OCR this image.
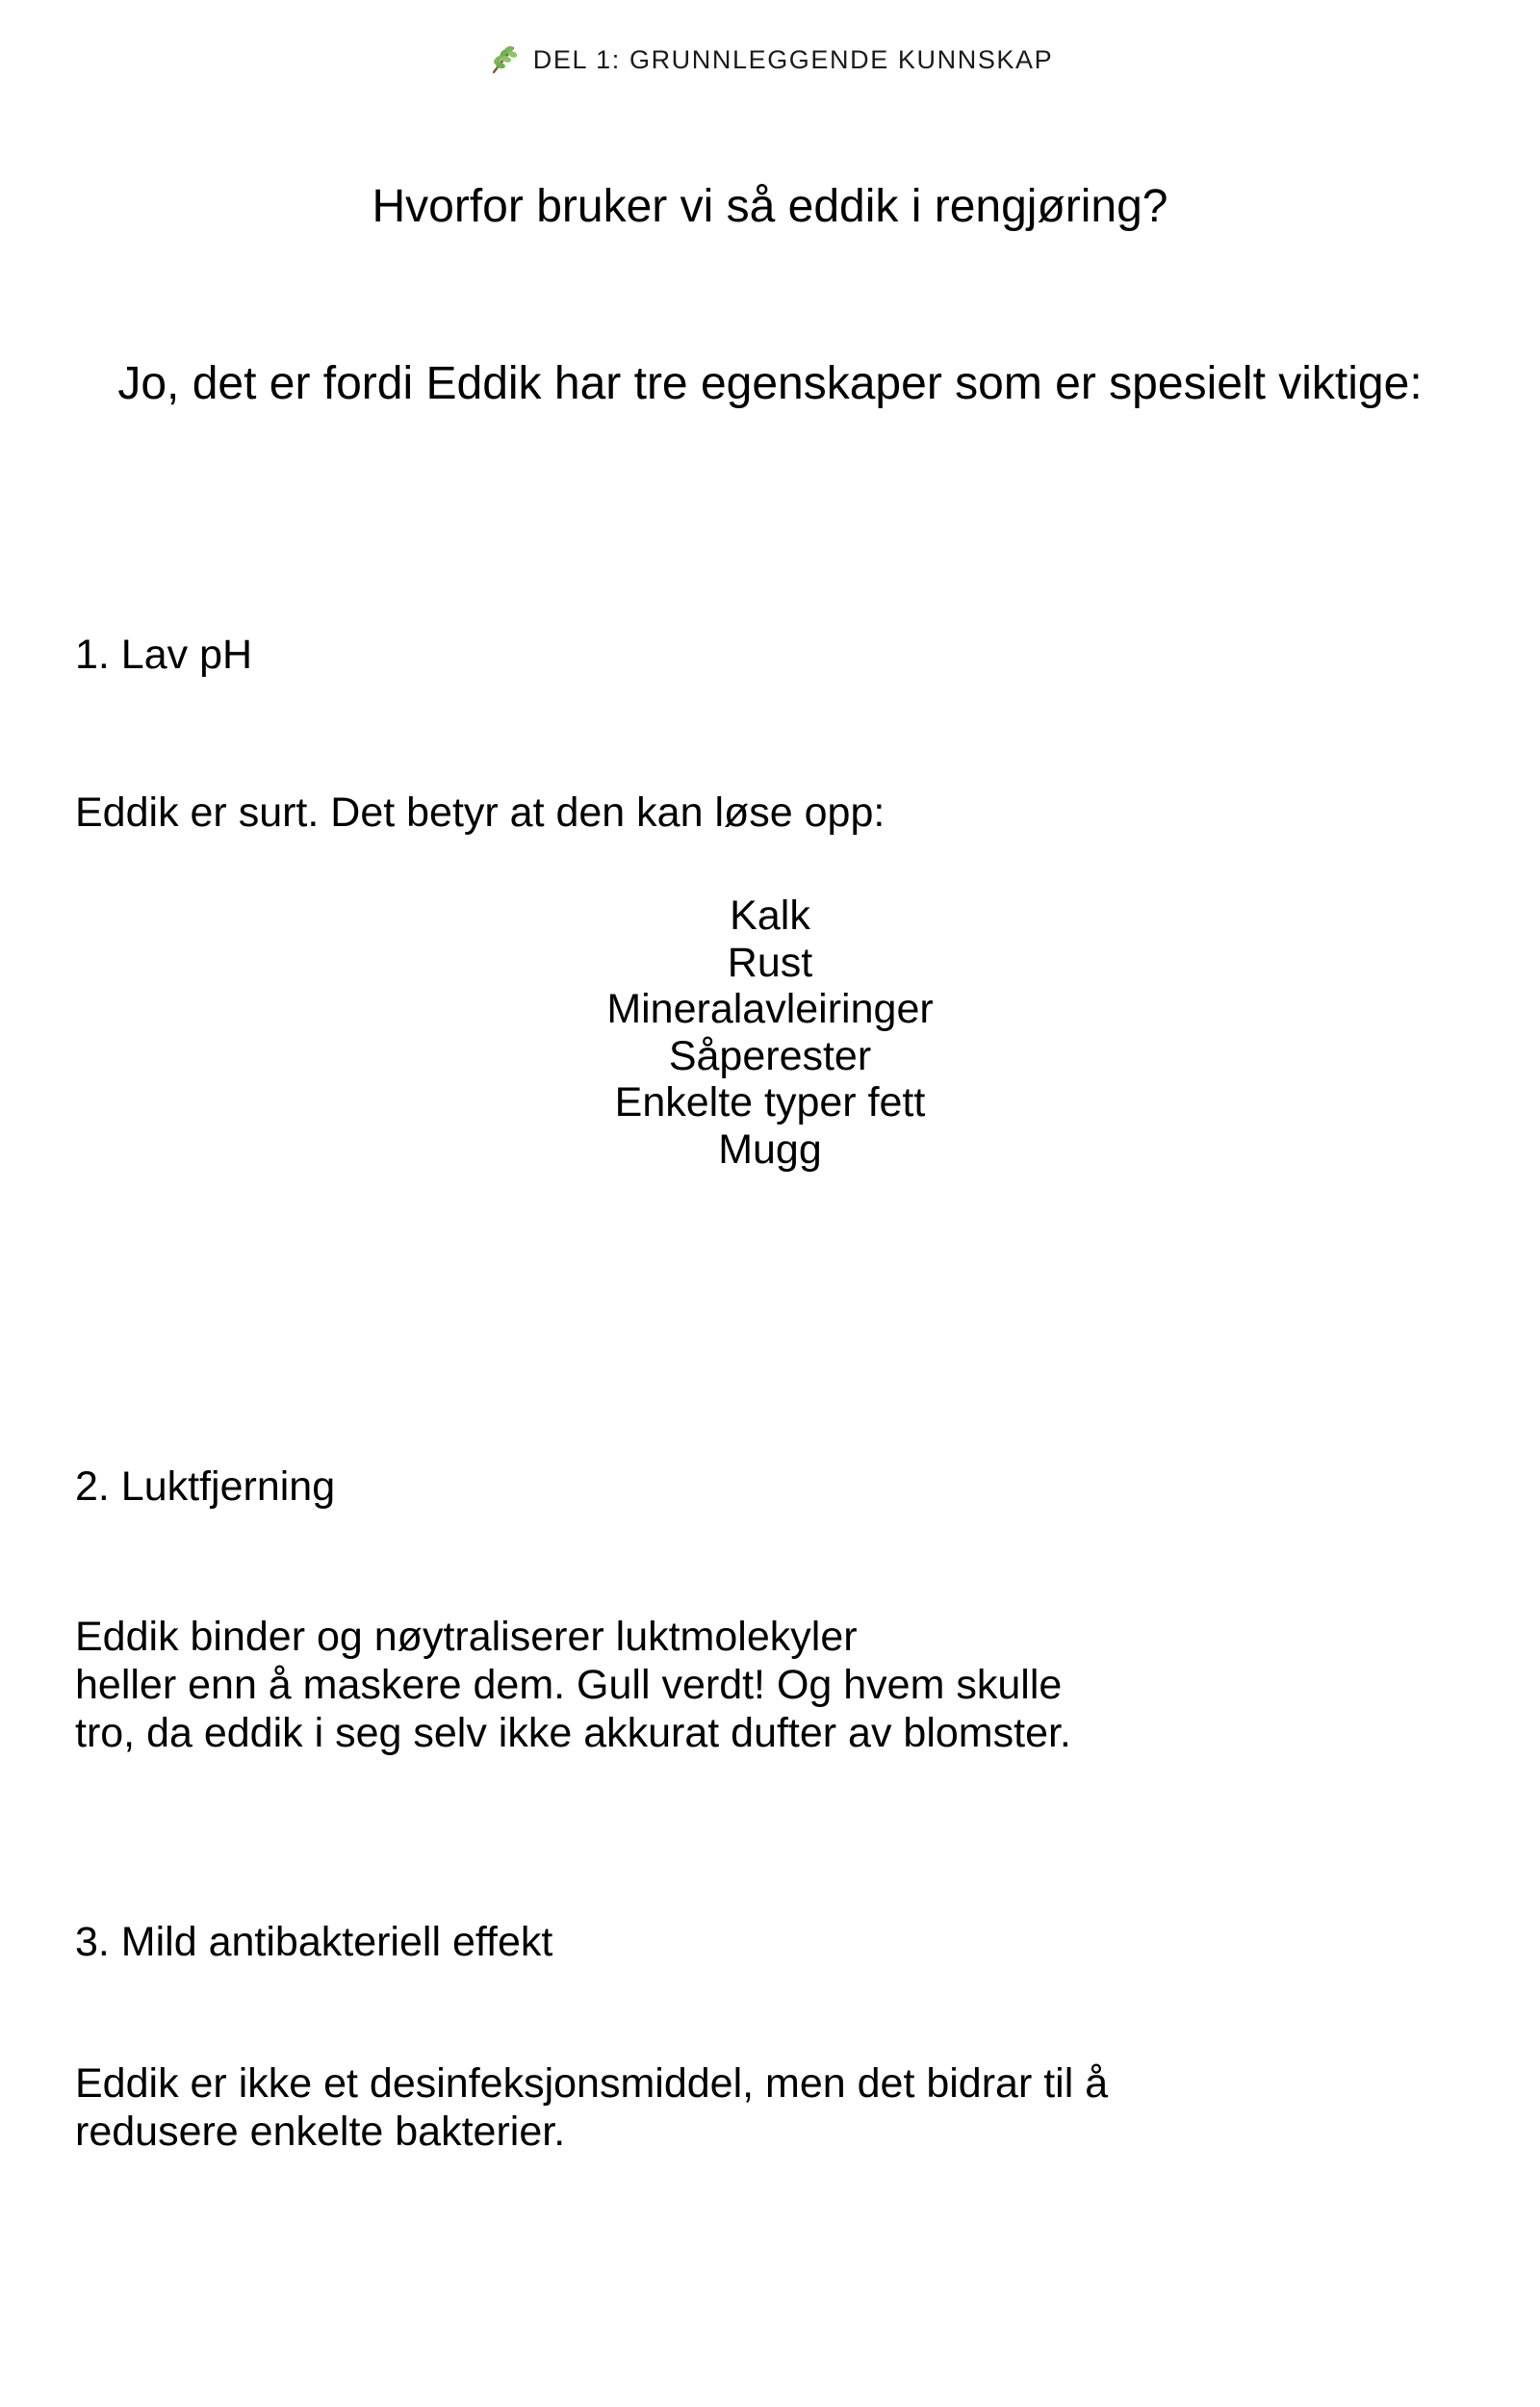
DEL 1: GRUNNLEGGENDE KUNNSKAP
Hvorfor bruker vi så eddik i rengjøring?

Jo, det er fordi Eddik har tre egenskaper som er spesielt viktige:

1. Lav pH

Eddik er surt. Det betyr at den kan løse opp:

Kalk
Rust
Mineralavleiringer
Såperester
Enkelte typer fett
Mugg
2. Luktfjerning

Eddik binder og nøytraliserer luktmolekyler
heller enn å maskere dem. Gull verdt! Og hvem skulle
tro, da eddik i seg selv ikke akkurat dufter av blomster.

3. Mild antibakteriell effekt

Eddik er ikke et desinfeksjonsmiddel, men det bidrar til å
redusere enkelte bakterier.
